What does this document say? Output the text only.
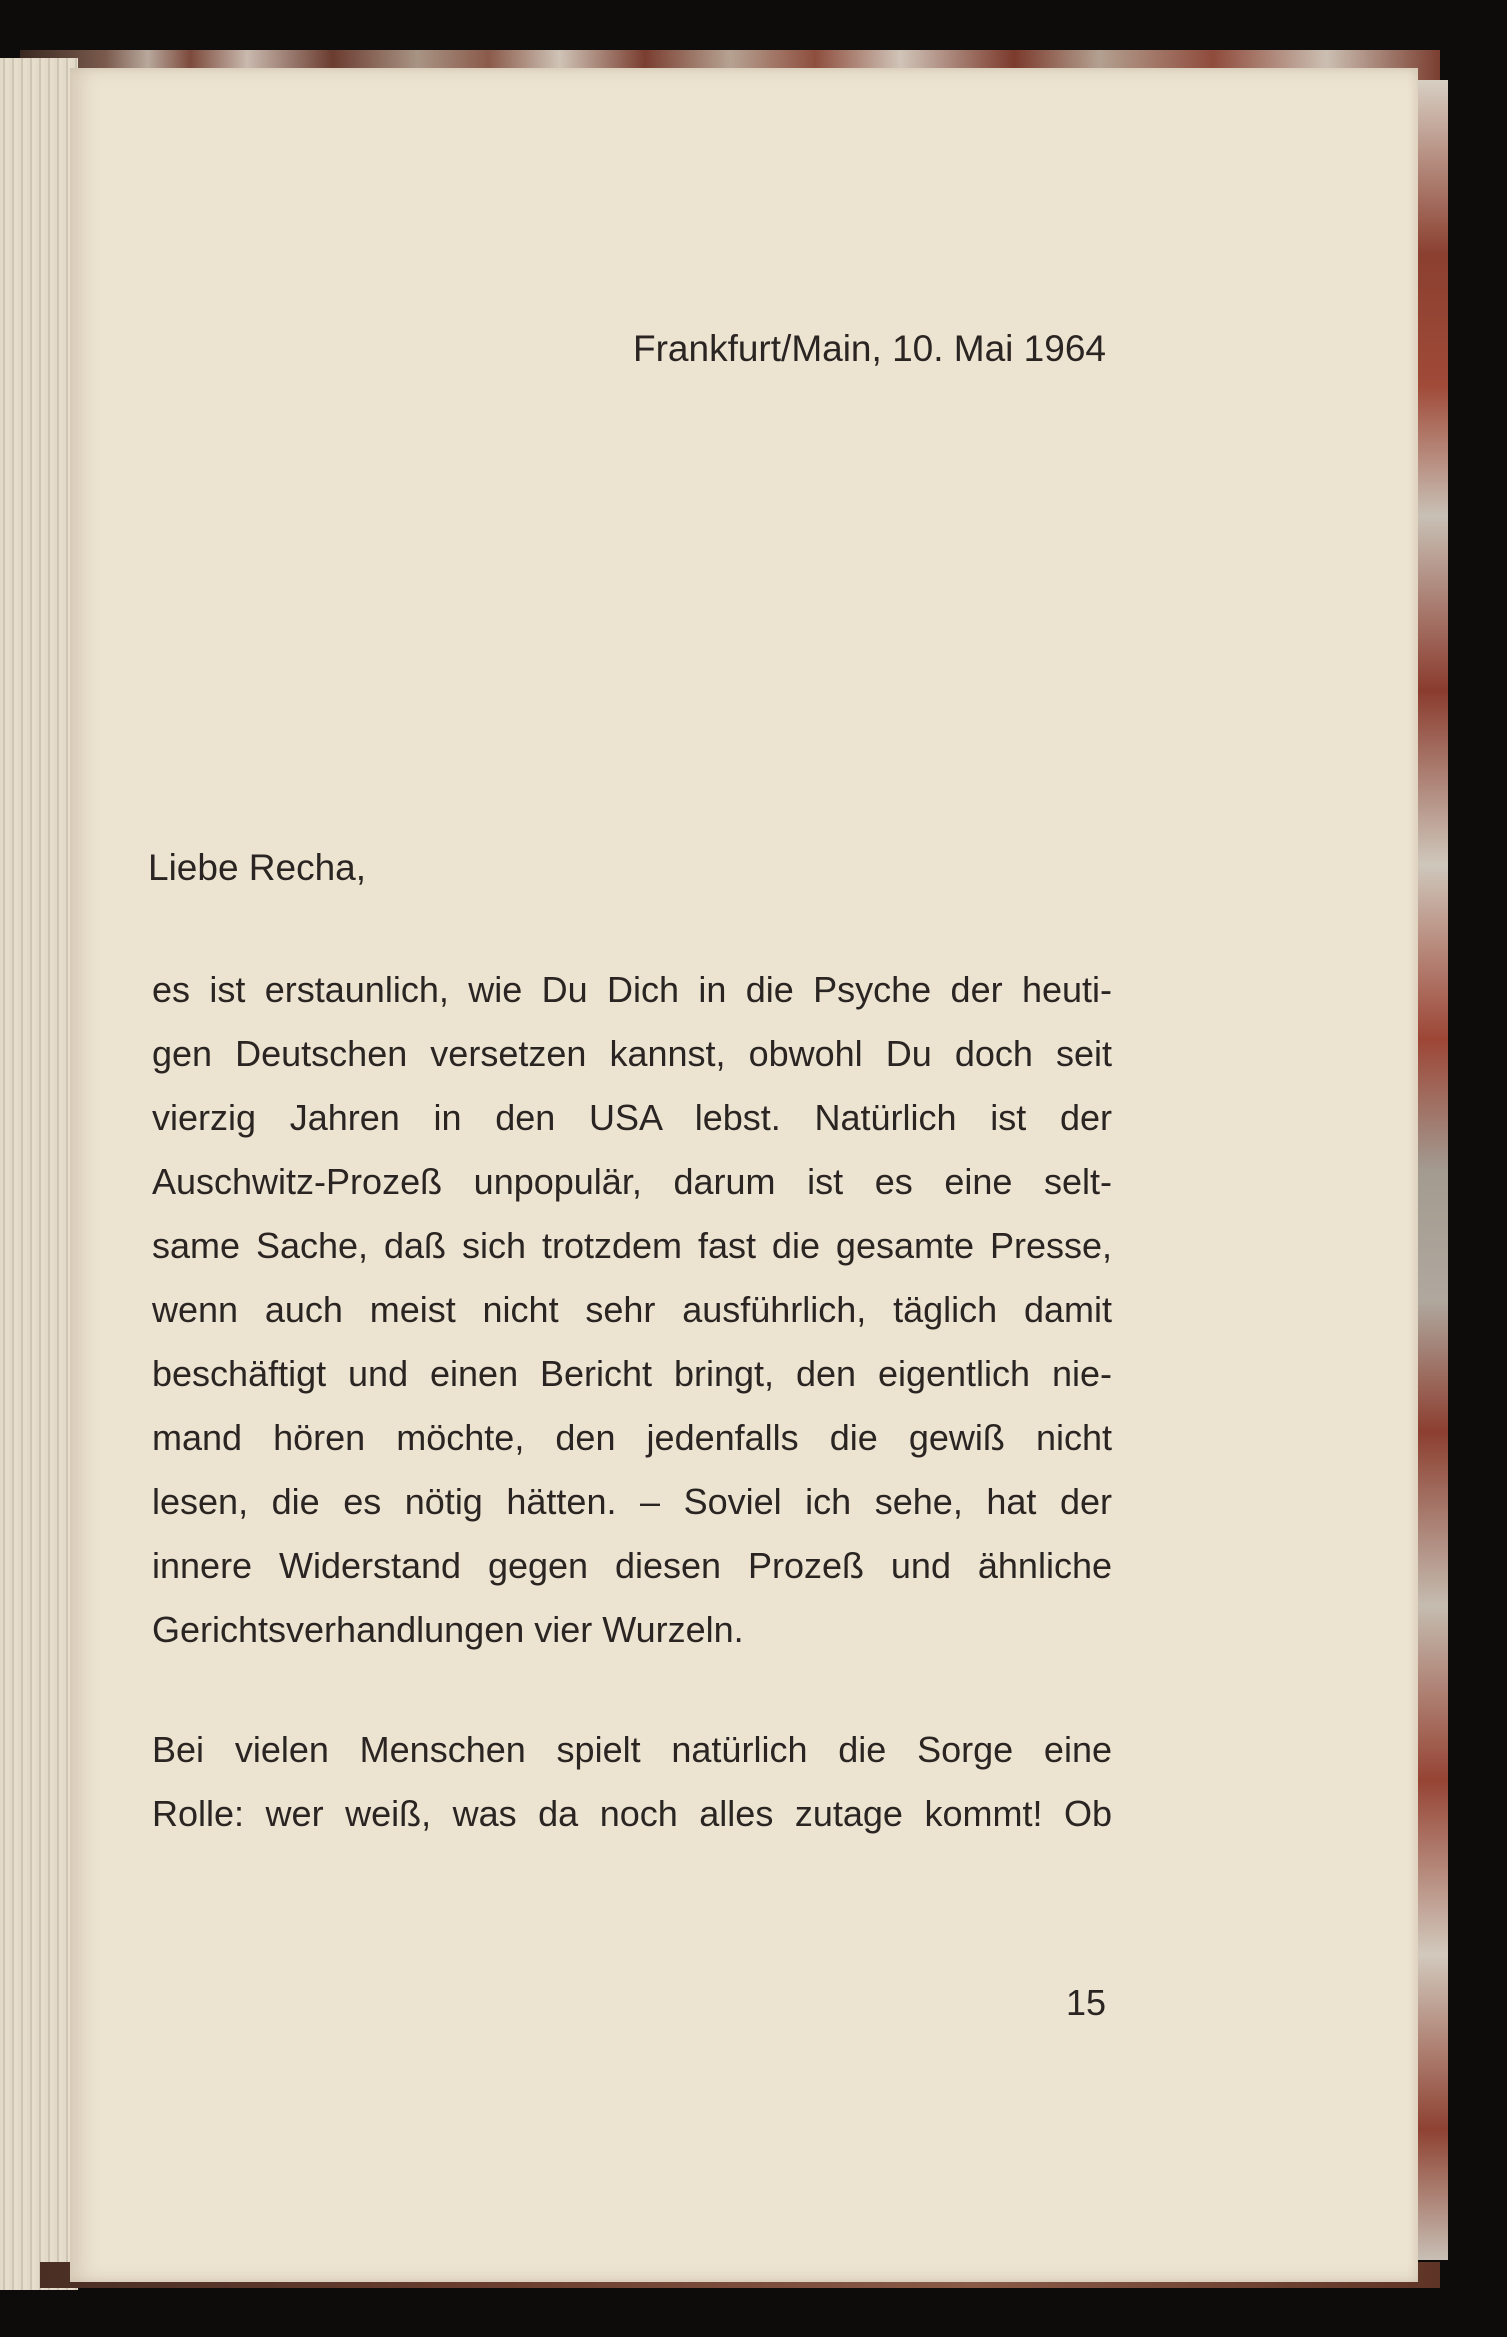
Frankfurt/Main, 10. Mai 1964
Liebe Recha,
es ist erstaunlich, wie Du Dich in die Psyche der heuti-
gen Deutschen versetzen kannst, obwohl Du doch seit
vierzig Jahren in den USA lebst. Natürlich ist der
Auschwitz-Prozeß unpopulär, darum ist es eine selt-
same Sache, daß sich trotzdem fast die gesamte Presse,
wenn auch meist nicht sehr ausführlich, täglich damit
beschäftigt und einen Bericht bringt, den eigentlich nie-
mand hören möchte, den jedenfalls die gewiß nicht
lesen, die es nötig hätten. – Soviel ich sehe, hat der
innere Widerstand gegen diesen Prozeß und ähnliche
Gerichtsverhandlungen vier Wurzeln.
Bei vielen Menschen spielt natürlich die Sorge eine
Rolle: wer weiß, was da noch alles zutage kommt! Ob
15
